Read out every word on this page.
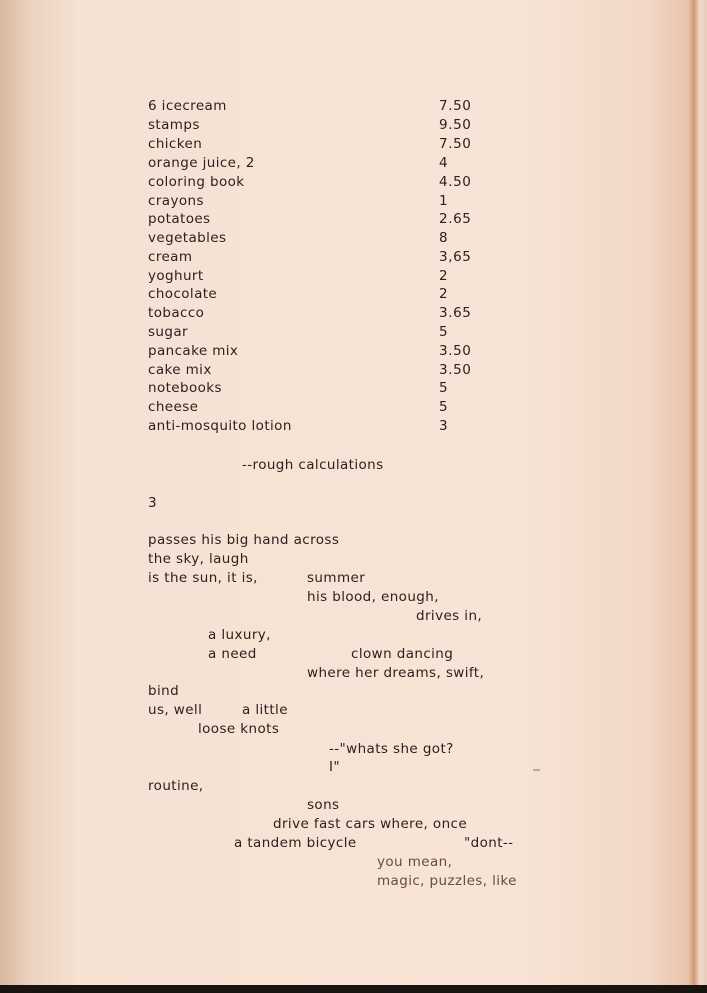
6 icecream	7.50
stamps	9.50
chicken	7.50
orange juice, 2	4
coloring book	4.50
crayons	1
potatoes	2.65
vegetables	8
cream	3,65
yoghurt	2
chocolate	2
tobacco	3.65
sugar	5
pancake mix	3.50
cake mix	3.50
notebooks	5
cheese	5
anti-mosquito lotion	3
--rough calculations
3
passes his big hand across
the sky, laugh
is the sun, it is,	summer
his blood, enough,
drives in,
a luxury,
a need	clown dancing
where her dreams, swift,
bind
us, well	a little
loose knots
--"whats she got?
I"
routine,
sons
drive fast cars where, once
a tandem bicycle	"dont--
you mean,
magic, puzzles, like
